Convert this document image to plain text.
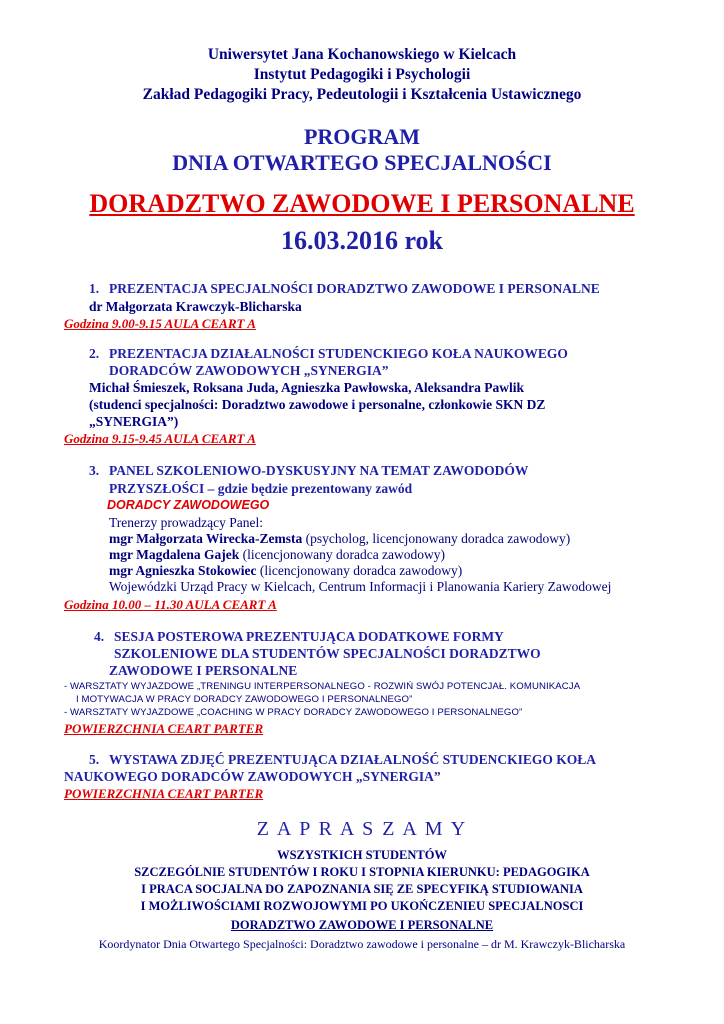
Uniwersytet Jana Kochanowskiego w Kielcach
Instytut Pedagogiki i Psychologii
Zakład Pedagogiki Pracy, Pedeutologii i Kształcenia Ustawicznego
PROGRAM
DNIA OTWARTEGO SPECJALNOŚCI
DORADZTWO ZAWODOWE I PERSONALNE
16.03.2016 rok
1. PREZENTACJA SPECJALNOŚCI DORADZTWO ZAWODOWE I PERSONALNE
dr Małgorzata Krawczyk-Blicharska
Godzina 9.00-9.15 AULA CEART A
2. PREZENTACJA DZIAŁALNOŚCI STUDENCKIEGO KOŁA NAUKOWEGO
DORADCÓW ZAWODOWYCH „SYNERGIA”
Michał Śmieszek, Roksana Juda, Agnieszka Pawłowska, Aleksandra Pawlik
(studenci specjalności: Doradztwo zawodowe i personalne, członkowie SKN DZ
„SYNERGIA”)
Godzina 9.15-9.45 AULA CEART A
3. PANEL SZKOLENIOWO-DYSKUSYJNY NA TEMAT ZAWODODÓW
PRZYSZŁOŚCI – gdzie będzie prezentowany zawód
DORADCY ZAWODOWEGO
Trenerzy prowadzący Panel:
mgr Małgorzata Wirecka-Zemsta (psycholog, licencjonowany doradca zawodowy)
mgr Magdalena Gajek (licencjonowany doradca zawodowy)
mgr Agnieszka Stokowiec (licencjonowany doradca zawodowy)
Wojewódzki Urząd Pracy w Kielcach, Centrum Informacji i Planowania Kariery Zawodowej
Godzina 10.00 – 11.30 AULA CEART A
4. SESJA POSTEROWA PREZENTUJĄCA DODATKOWE FORMY
SZKOLENIOWE DLA STUDENTÓW SPECJALNOŚCI DORADZTWO
ZAWODOWE I PERSONALNE
- WARSZTATY WYJAZDOWE „TRENINGU INTERPERSONALNEGO - ROZWIŃ SWÓJ POTENCJAŁ. KOMUNIKACJA
I MOTYWACJA W PRACY DORADCY ZAWODOWEGO I PERSONALNEGO”
- WARSZTATY WYJAZDOWE „COACHING W PRACY DORADCY ZAWODOWEGO I PERSONALNEGO”
POWIERZCHNIA CEART PARTER
5. WYSTAWA ZDJĘĆ PREZENTUJĄCA DZIAŁALNOŚĆ STUDENCKIEGO KOŁA
NAUKOWEGO DORADCÓW ZAWODOWYCH „SYNERGIA”
POWIERZCHNIA CEART PARTER
Z A P R A S Z A M Y
WSZYSTKICH STUDENTÓW
SZCZEGÓLNIE STUDENTÓW I ROKU I STOPNIA KIERUNKU: PEDAGOGIKA
I PRACA SOCJALNA DO ZAPOZNANIA SIĘ ZE SPECYFIKĄ STUDIOWANIA
I MOŻLIWOŚCIAMI ROZWOJOWYMI PO UKOŃCZENIEU SPECJALNOSCI
DORADZTWO ZAWODOWE I PERSONALNE
Koordynator Dnia Otwartego Specjalności: Doradztwo zawodowe i personalne – dr M. Krawczyk-Blicharska
